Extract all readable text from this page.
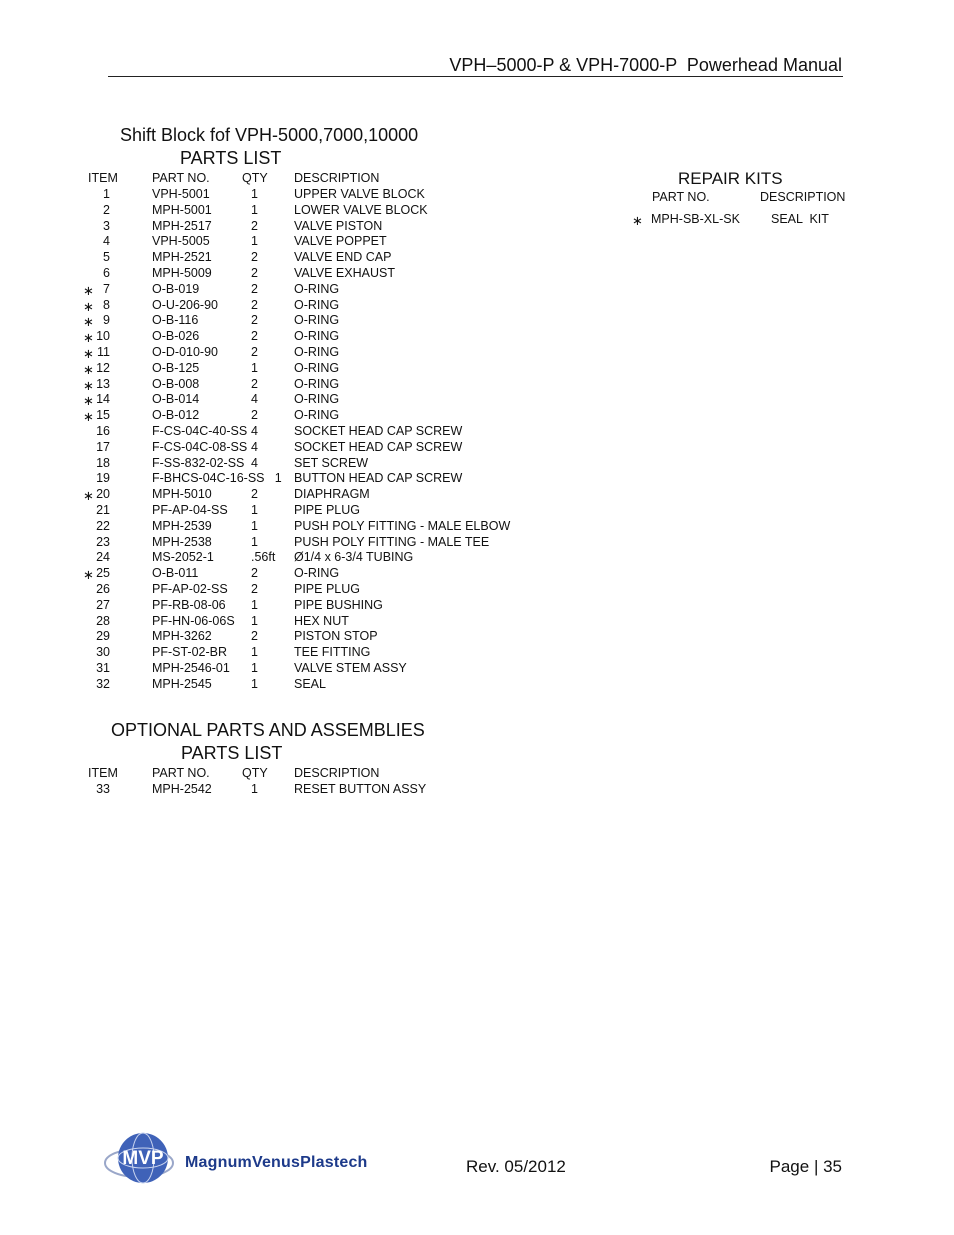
VPH–5000-P & VPH-7000-P  Powerhead Manual
Shift Block fof VPH-5000,7000,10000
PARTS LIST
ITEM	PART NO.	QTY DESCRIPTION
1	VPH-5001	1	UPPER VALVE BLOCK
2	MPH-5001	1	LOWER VALVE BLOCK
3	MPH-2517	2	VALVE PISTON
4	VPH-5005	1	VALVE POPPET
5	MPH-2521	2	VALVE END CAP
6	MPH-5009	2	VALVE EXHAUST
∗ 7	O-B-019	2	O-RING
∗ 8	O-U-206-90	2	O-RING
∗ 9	O-B-116	2	O-RING
∗ 10	O-B-026	2	O-RING
∗ 11	O-D-010-90	2	O-RING
∗ 12	O-B-125	1	O-RING
∗ 13	O-B-008	2	O-RING
∗ 14	O-B-014	4	O-RING
∗ 15	O-B-012	2	O-RING
16	F-CS-04C-40-SS 4	SOCKET HEAD CAP SCREW
17	F-CS-04C-08-SS 4	SOCKET HEAD CAP SCREW
18	F-SS-832-02-SS 4	SET SCREW
19	F-BHCS-04C-16-SS 1 BUTTON HEAD CAP SCREW
∗ 20	MPH-5010	2	DIAPHRAGM
21	PF-AP-04-SS 1	PIPE PLUG
22	MPH-2539	1	PUSH POLY FITTING - MALE ELBOW
23	MPH-2538	1	PUSH POLY FITTING - MALE TEE
24	MS-2052-1	.56ft Ø1/4 x 6-3/4 TUBING
∗ 25	O-B-011	2	O-RING
26	PF-AP-02-SS 2	PIPE PLUG
27	PF-RB-08-06 1	PIPE BUSHING
28	PF-HN-06-06S 1	HEX NUT
29	MPH-3262	2	PISTON STOP
30	PF-ST-02-BR 1	TEE FITTING
31	MPH-2546-01 1	VALVE STEM ASSY
32	MPH-2545	1	SEAL
OPTIONAL PARTS AND ASSEMBLIES
PARTS LIST
ITEM	PART NO.	QTY DESCRIPTION
33	MPH-2542	1	RESET BUTTON ASSY
REPAIR KITS
PART NO.	DESCRIPTION
∗ MPH-SB-XL-SK SEAL  KIT
MVP MagnumVenusPlastech	Rev. 05/2012	Page | 35
